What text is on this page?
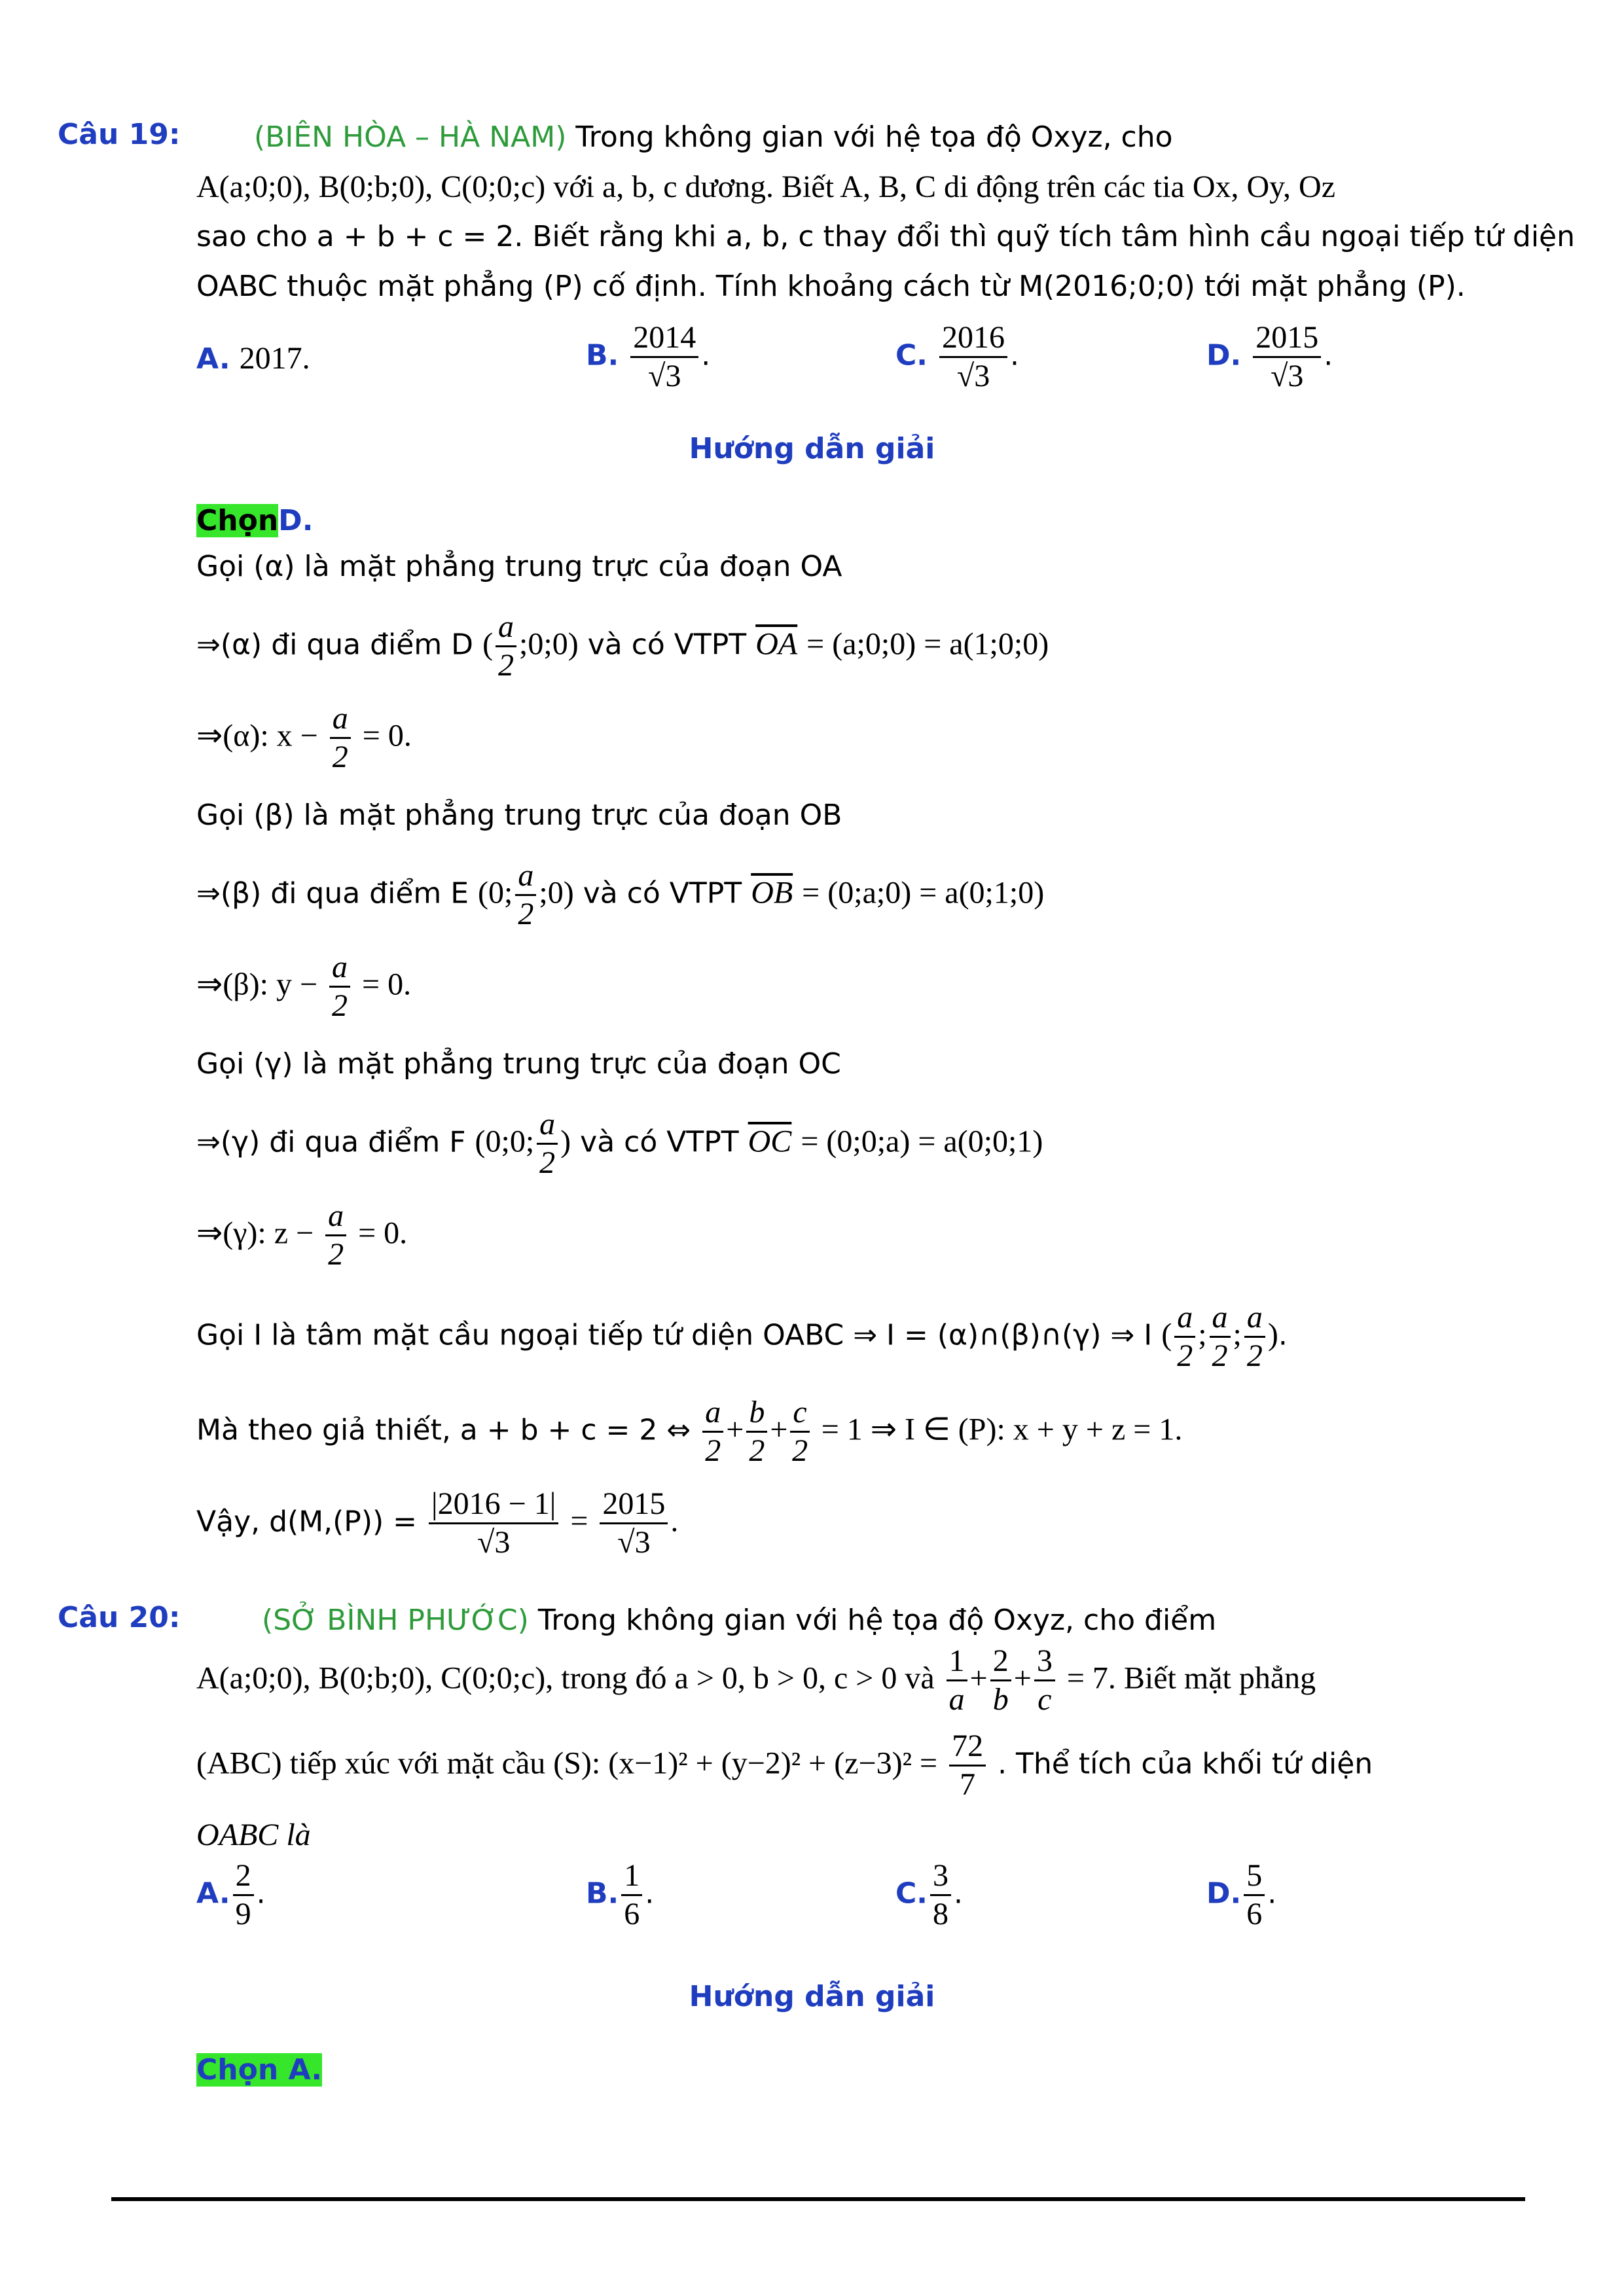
Câu 19:	(BIÊN HÒA – HÀ NAM) Trong không gian với hệ tọa độ Oxyz, cho
A(a;0;0), B(0;b;0), C(0;0;c) với a, b, c dương. Biết A, B, C di động trên các tia Ox, Oy, Oz
sao cho a + b + c = 2. Biết rằng khi a, b, c thay đổi thì quỹ tích tâm hình cầu ngoại tiếp tứ diện
OABC thuộc mặt phẳng (P) cố định. Tính khoảng cách từ M(2016;0;0) tới mặt phẳng (P).
A. 2017.	B. $\frac{2014}{√3}$ .	C. $\frac{2016}{√3}$ .	D. $\frac{2015}{√3}$ .
Hướng dẫn giải
ChọnD.
Gọi (α) là mặt phẳng trung trực của đoạn OA
⇒(α) đi qua điểm D ( $\frac{a}{2}$ ;0;0) và có VTPT $\overline{OA}$ = (a;0;0) = a(1;0;0)
⇒(α): $x - \frac{a}{2} = 0$.
Gọi (β) là mặt phẳng trung trực của đoạn OB
⇒(β) đi qua điểm E (0; $\frac{a}{2}$ ;0) và có VTPT $\overline{OB}$ = (0;a;0) = a(0;1;0)
⇒(β): $y - \frac{a}{2} = 0$.
Gọi (γ) là mặt phẳng trung trực của đoạn OC
⇒(γ) đi qua điểm F (0;0; $\frac{a}{2}$ ) và có VTPT $\overline{OC}$ = (0;0;a) = a(0;0;1)
⇒(γ): $z - \frac{a}{2} = 0$.
Gọi I là tâm mặt cầu ngoại tiếp tứ diện OABC ⇒ I = (α)∩(β)∩(γ) ⇒ I ( $\frac{a}{2}$ ; $\frac{a}{2}$ ; $\frac{a}{2}$ ).
Mà theo giả thiết, a + b + c = 2 ⇔ $\frac{a}{2} + \frac{b}{2} + \frac{c}{2} = 1$ ⇒ I ∈ (P): x + y + z = 1.
Vậy, $d(M,(P)) = \frac{|2016 - 1|}{√3} = \frac{2015}{√3}$ .
Câu 20:	(SỞ BÌNH PHƯỚC) Trong không gian với hệ tọa độ Oxyz, cho điểm
A(a;0;0), B(0;b;0), C(0;0;c), trong đó a > 0, b > 0, c > 0 và $\frac{1}{a} + \frac{2}{b} + \frac{3}{c} = 7$. Biết mặt phẳng
(ABC) tiếp xúc với mặt cầu (S): $(x-1)^2 + (y-2)^2 + (z-3)^2 = \frac{72}{7}$ . Thể tích của khối tứ diện
OABC là
A. $\frac{2}{9}$ .	B. $\frac{1}{6}$ .	C. $\frac{3}{8}$ .	D. $\frac{5}{6}$ .
Hướng dẫn giải
Chọn A.
